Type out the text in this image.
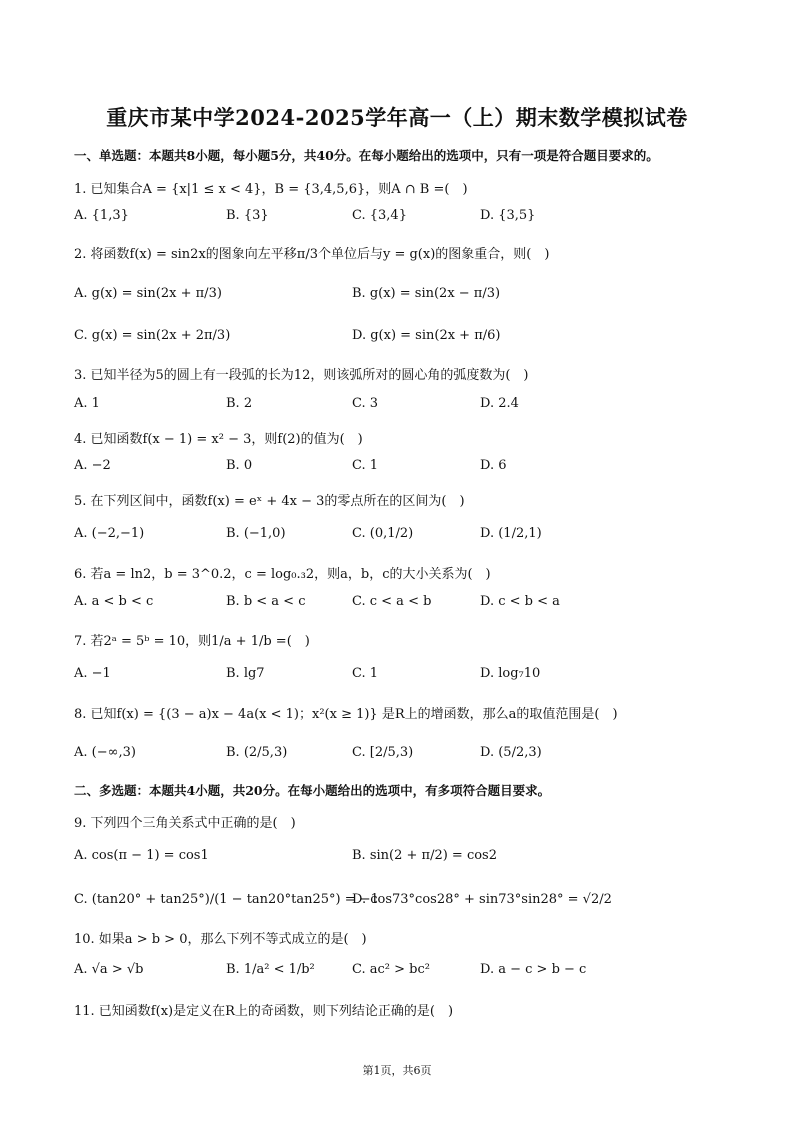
重庆市某中学2024-2025学年高一（上）期末数学模拟试卷
一、单选题：本题共8小题，每小题5分，共40分。在每小题给出的选项中，只有一项是符合题目要求的。
1. 已知集合A = {x|1 ≤ x < 4}，B = {3,4,5,6}，则A ∩ B =(　)
A. {1,3}	B. {3}	C. {3,4}	D. {3,5}
2. 将函数f(x) = sin2x的图象向左平移π/3个单位后与y = g(x)的图象重合，则(　)
A. g(x) = sin(2x + π/3)	B. g(x) = sin(2x − π/3)
C. g(x) = sin(2x + 2π/3)	D. g(x) = sin(2x + π/6)
3. 已知半径为5的圆上有一段弧的长为12，则该弧所对的圆心角的弧度数为(　)
A. 1	B. 2	C. 3	D. 2.4
4. 已知函数f(x − 1) = x² − 3，则f(2)的值为(　)
A. −2	B. 0	C. 1	D. 6
5. 在下列区间中，函数f(x) = eˣ + 4x − 3的零点所在的区间为(　)
A. (−2,−1)	B. (−1,0)	C. (0,1/2)	D. (1/2,1)
6. 若a = ln2，b = 3^0.2，c = log₀.₃2，则a，b，c的大小关系为(　)
A. a < b < c	B. b < a < c	C. c < a < b	D. c < b < a
7. 若2ᵃ = 5ᵇ = 10，则1/a + 1/b =(　)
A. −1	B. lg7	C. 1	D. log₇10
8. 已知f(x) = {(3 − a)x − 4a(x < 1)；x²(x ≥ 1)} 是R上的增函数，那么a的取值范围是(　)
A. (−∞,3)	B. (2/5,3)	C. [2/5,3)	D. (5/2,3)
二、多选题：本题共4小题，共20分。在每小题给出的选项中，有多项符合题目要求。
9. 下列四个三角关系式中正确的是(　)
A. cos(π − 1) = cos1	B. sin(2 + π/2) = cos2
C. (tan20° + tan25°)/(1 − tan20°tan25°) = −1
D. cos73°cos28° + sin73°sin28° = √2/2
10. 如果a > b > 0，那么下列不等式成立的是(　)
A. √a > √b	B. 1/a² < 1/b²	C. ac² > bc²	D. a − c > b − c
11. 已知函数f(x)是定义在R上的奇函数，则下列结论正确的是(　)
第1页，共6页
